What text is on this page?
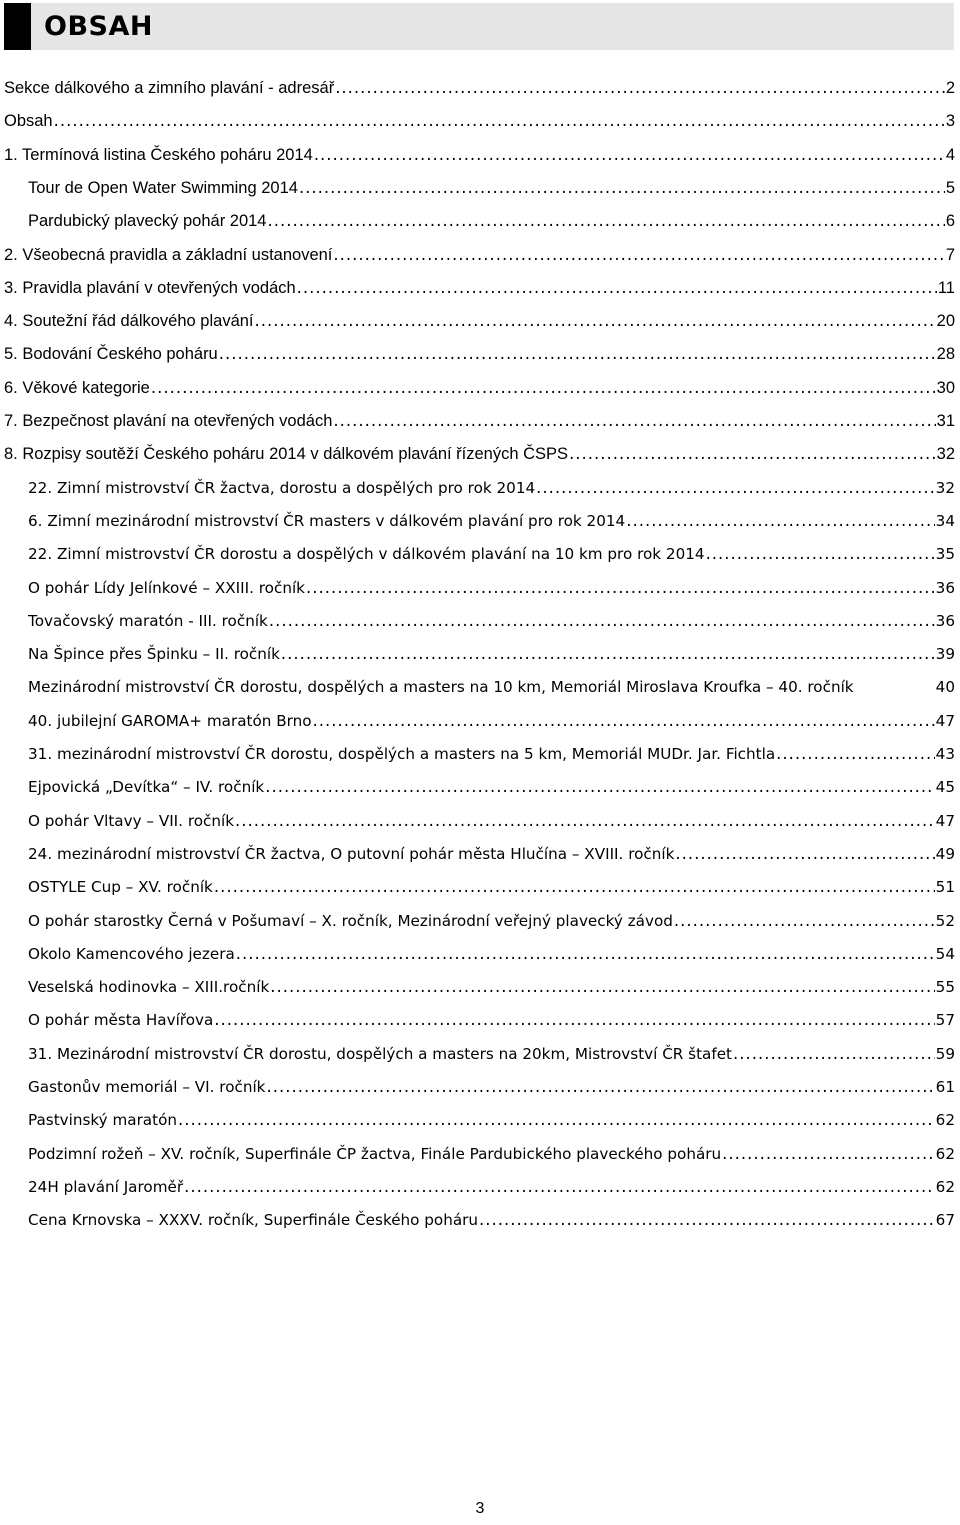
OBSAH
Sekce dálkového a zimního plavání - adresář .....	2
Obsah .....	3
1. Termínová listina Českého poháru 2014 .....	4
Tour de Open Water Swimming 2014 .....	5
Pardubický plavecký pohár 2014 .....	6
2. Všeobecná pravidla a základní ustanovení .....	7
3. Pravidla plavání v otevřených vodách .....	11
4. Soutežní řád dálkového plavání .....	20
5. Bodování Českého poháru .....	28
6. Věkové kategorie .....	30
7. Bezpečnost plavání na otevřených vodách .....	31
8. Rozpisy soutěží Českého poháru 2014 v dálkovém plavání řízených ČSPS .....	32
22. Zimní mistrovství ČR žactva, dorostu a dospělých pro rok 2014 .....	32
6. Zimní mezinárodní mistrovství ČR masters v dálkovém plavání pro rok 2014 .....	34
22. Zimní mistrovství ČR dorostu a dospělých v dálkovém plavání na 10 km pro rok 2014 .....	35
O pohár Lídy Jelínkové – XXIII. ročník .....	36
Tovačovský maratón - III. ročník .....	36
Na Špince přes Špinku – II. ročník .....	39
Mezinárodní mistrovství ČR dorostu, dospělých a masters na 10 km, Memoriál Miroslava Kroufka – 40. ročník	40
40. jubilejní GAROMA+ maratón Brno .....	47
31. mezinárodní mistrovství ČR dorostu, dospělých a masters na 5 km, Memoriál MUDr. Jar. Fichtla .....	43
Ejpovická „Devítka“ – IV. ročník .....	45
O pohár Vltavy – VII. ročník .....	47
24. mezinárodní mistrovství ČR žactva, O putovní pohár města Hlučína – XVIII. ročník .....	49
OSTYLE Cup – XV. ročník .....	51
O pohár starostky Černá v Pošumaví – X. ročník, Mezinárodní veřejný plavecký závod .....	52
Okolo Kamencového jezera .....	54
Veselská hodinovka – XIII.ročník .....	55
O pohár města Havířova .....	57
31. Mezinárodní mistrovství ČR dorostu, dospělých a masters na 20km, Mistrovství ČR štafet .....	59
Gastonův memoriál – VI. ročník .....	61
Pastvinský maratón .....	62
Podzimní rožeň – XV. ročník, Superfinále ČP žactva, Finále Pardubického plaveckého poháru .....	62
24H plavání Jaroměř .....	62
Cena Krnovska – XXXV. ročník, Superfinále Českého poháru .....	67
3
